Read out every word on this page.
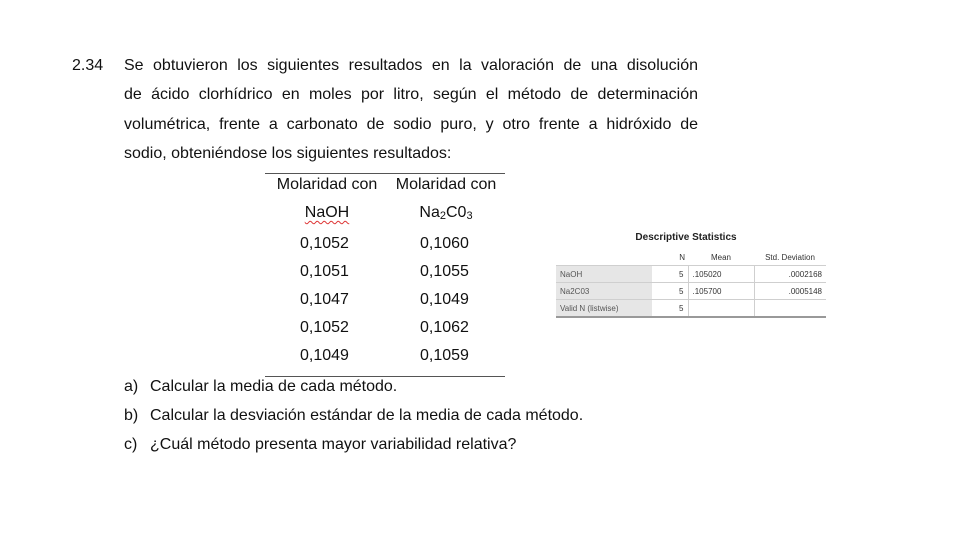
2.34 Se obtuvieron los siguientes resultados en la valoración de una disolución
de ácido clorhídrico en moles por litro, según el método de determinación
volumétrica, frente a carbonato de sodio puro, y otro frente a hidróxido de
sodio, obteniéndose los siguientes resultados:
Molaridad con	Molaridad con
NaOH	Na2C03
0,1052	0,1060
0,1051	0,1055
0,1047	0,1049
0,1052	0,1062
0,1049	0,1059
a) Calcular la media de cada método.
b) Calcular la desviación estándar de la media de cada método.
c) ¿Cuál método presenta mayor variabilidad relativa?
Descriptive Statistics
	N	Mean	Std. Deviation
NaOH	5	.105020	.0002168
Na2C03	5	.105700	.0005148
Valid N (listwise)	5		
